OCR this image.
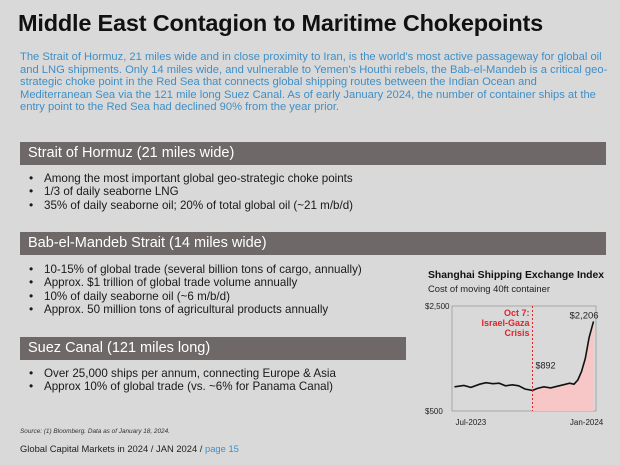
Middle East Contagion to Maritime Chokepoints
The Strait of Hormuz, 21 miles wide and in close proximity to Iran, is the world's most active passageway for global oil and LNG shipments. Only 14 miles wide, and vulnerable to Yemen's Houthi rebels, the Bab-el-Mandeb is a critical geo-strategic choke point in the Red Sea that connects global shipping routes between the Indian Ocean and Mediterranean Sea via the 121 mile long Suez Canal. As of early January 2024, the number of container ships at the entry point to the Red Sea had declined 90% from the year prior.
Strait of Hormuz (21 miles wide)
• Among the most important global geo-strategic choke points
• 1/3 of daily seaborne LNG
• 35% of daily seaborne oil; 20% of total global oil (~21 m/b/d)
Bab-el-Mandeb Strait (14 miles wide)
• 10-15% of global trade (several billion tons of cargo, annually)
• Approx. $1 trillion of global trade volume annually
• 10% of daily seaborne oil (~6 m/b/d)
• Approx. 50 million tons of agricultural products annually
Suez Canal (121 miles long)
• Over 25,000 ships per annum, connecting Europe & Asia
• Approx 10% of global trade (vs. ~6% for Panama Canal)
Shanghai Shipping Exchange Index
Cost of moving 40ft container
Oct 7:
Israel-Gaza
Crisis
$2,500
$500
Jul-2023	Jan-2024
$892
$2,206
Source: (1) Bloomberg. Data as of January 18, 2024.
Global Capital Markets in 2024 / JAN 2024 / page 15
